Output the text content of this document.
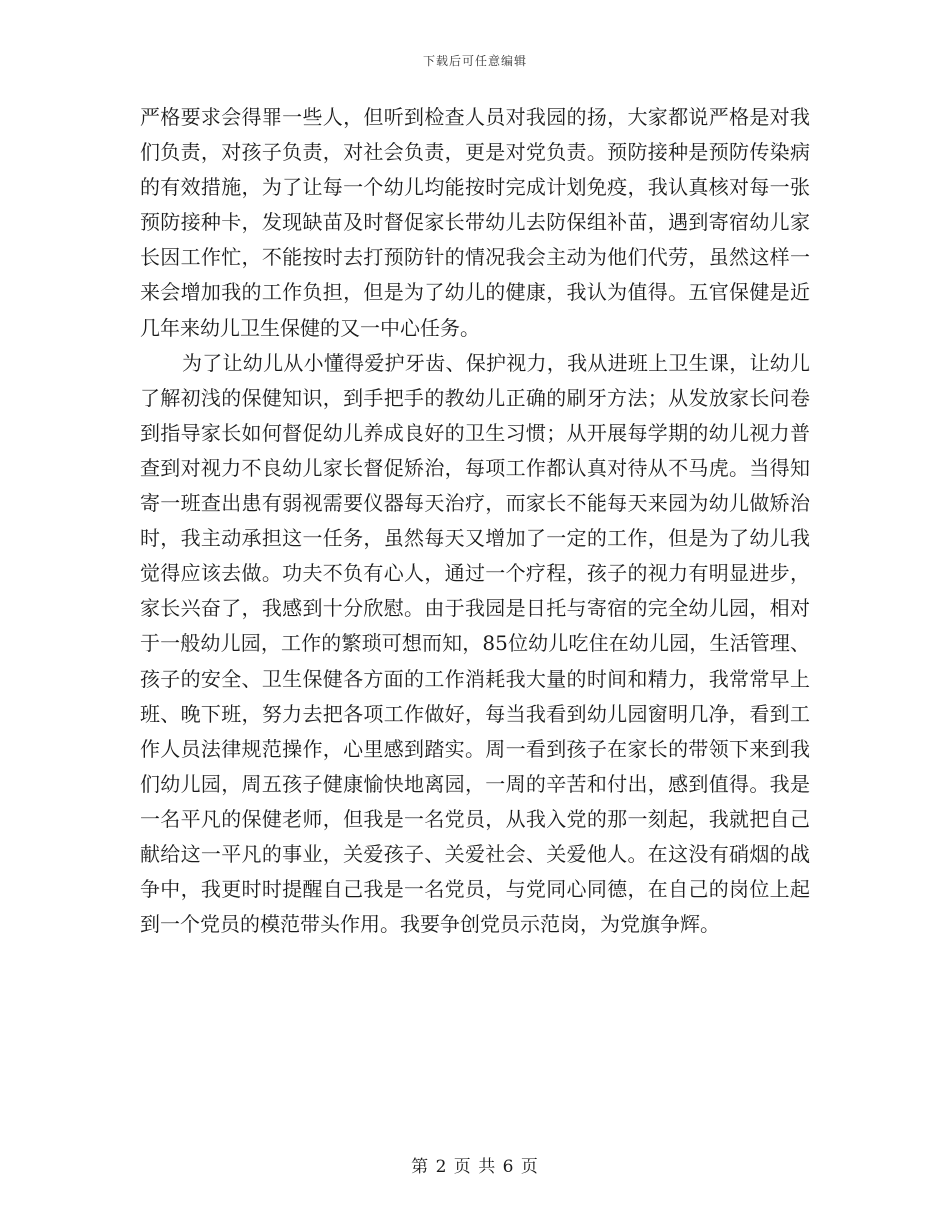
下载后可任意编辑

严格要求会得罪一些人，但听到检查人员对我园的扬，大家都说严格是对我们负责，对孩子负责，对社会负责，更是对党负责。预防接种是预防传染病的有效措施，为了让每一个幼儿均能按时完成计划免疫，我认真核对每一张预防接种卡，发现缺苗及时督促家长带幼儿去防保组补苗，遇到寄宿幼儿家长因工作忙，不能按时去打预防针的情况我会主动为他们代劳，虽然这样一来会增加我的工作负担，但是为了幼儿的健康，我认为值得。五官保健是近几年来幼儿卫生保健的又一中心任务。

为了让幼儿从小懂得爱护牙齿、保护视力，我从进班上卫生课，让幼儿了解初浅的保健知识，到手把手的教幼儿正确的刷牙方法；从发放家长问卷到指导家长如何督促幼儿养成良好的卫生习惯；从开展每学期的幼儿视力普查到对视力不良幼儿家长督促矫治，每项工作都认真对待从不马虎。当得知寄一班查出患有弱视需要仪器每天治疗，而家长不能每天来园为幼儿做矫治时，我主动承担这一任务，虽然每天又增加了一定的工作，但是为了幼儿我觉得应该去做。功夫不负有心人，通过一个疗程，孩子的视力有明显进步，家长兴奋了，我感到十分欣慰。由于我园是日托与寄宿的完全幼儿园，相对于一般幼儿园，工作的繁琐可想而知，85位幼儿吃住在幼儿园，生活管理、孩子的安全、卫生保健各方面的工作消耗我大量的时间和精力，我常常早上班、晚下班，努力去把各项工作做好，每当我看到幼儿园窗明几净，看到工作人员法律规范操作，心里感到踏实。周一看到孩子在家长的带领下来到我们幼儿园，周五孩子健康愉快地离园，一周的辛苦和付出，感到值得。我是一名平凡的保健老师，但我是一名党员，从我入党的那一刻起，我就把自己献给这一平凡的事业，关爱孩子、关爱社会、关爱他人。在这没有硝烟的战争中，我更时时提醒自己我是一名党员，与党同心同德，在自己的岗位上起到一个党员的模范带头作用。我要争创党员示范岗，为党旗争辉。

第 2 页 共 6 页
